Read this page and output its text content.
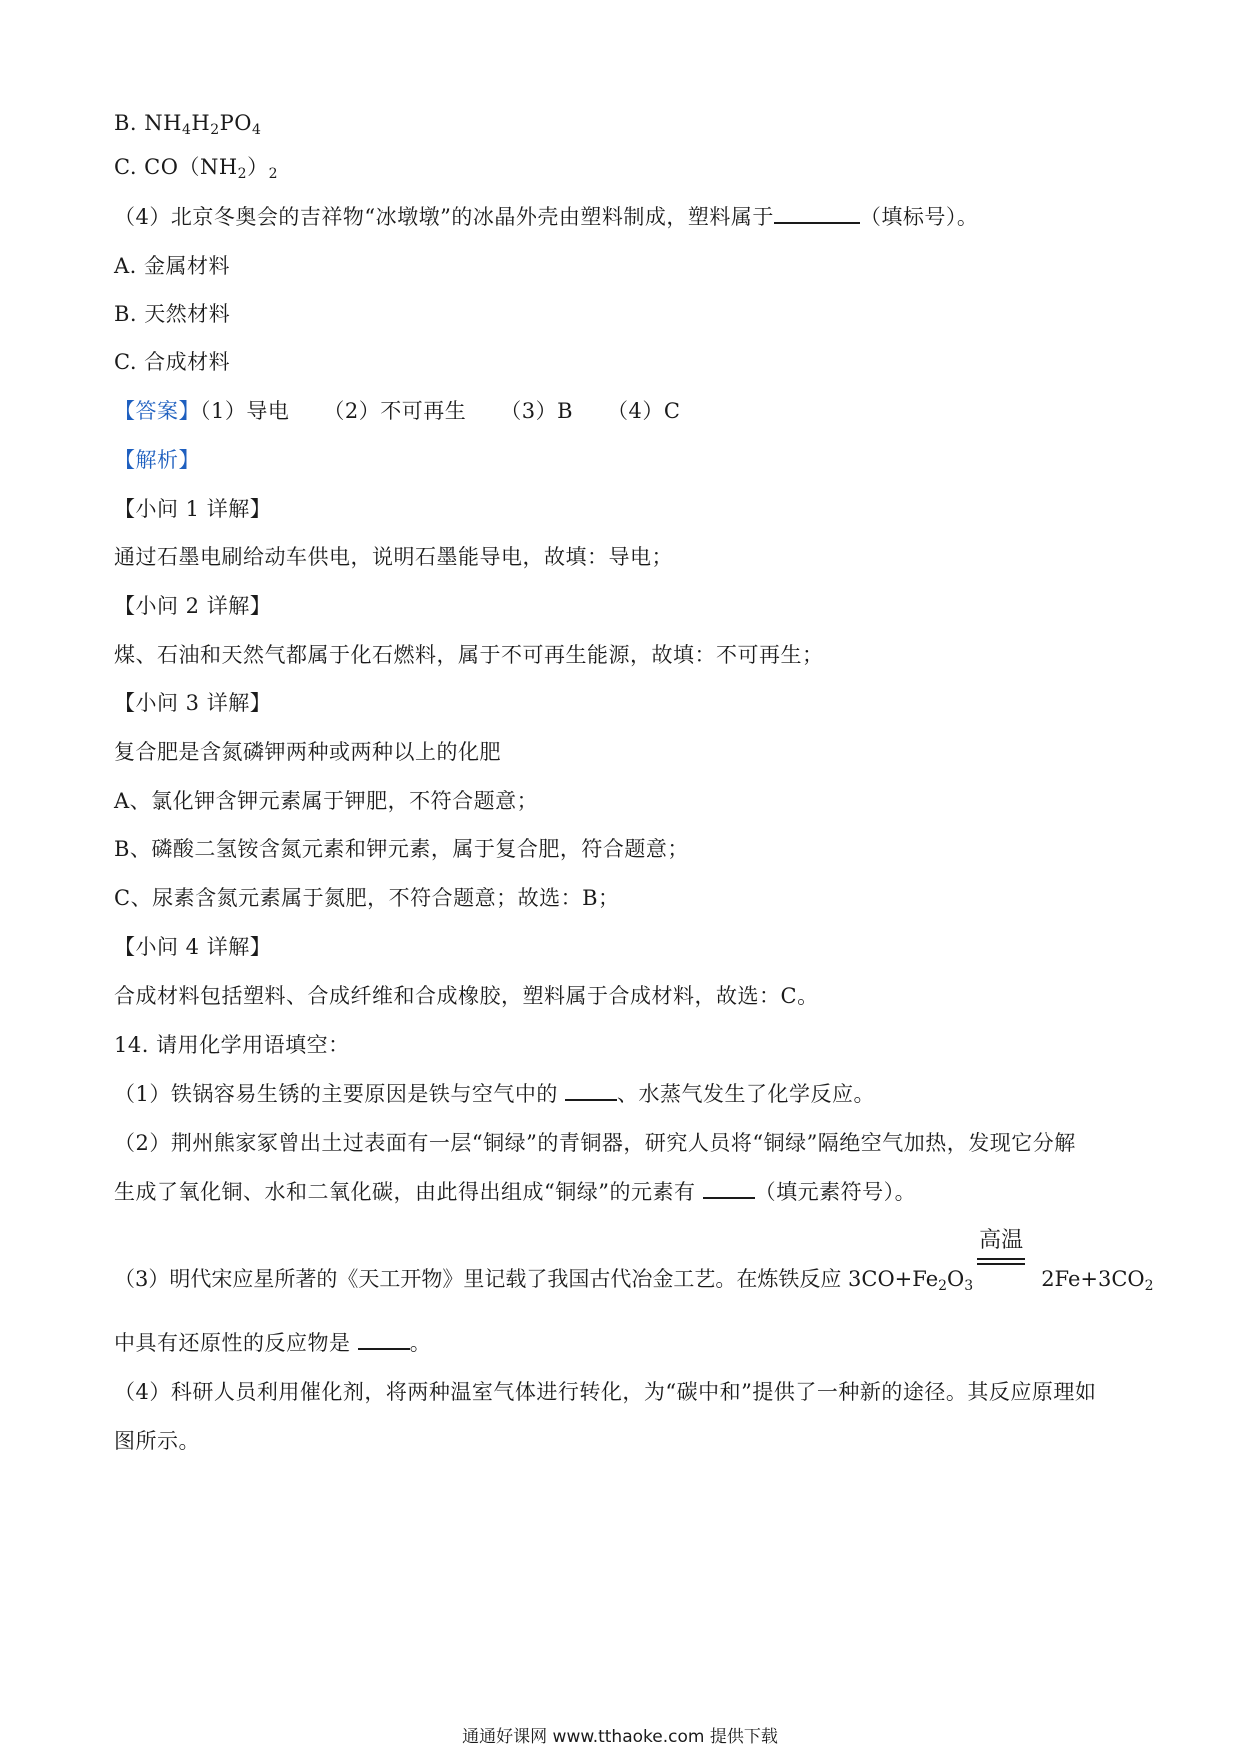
B. $NH_4H_2PO_4$
C. $CO(NH_2)_2$
（4）北京冬奥会的吉祥物“冰墩墩”的冰晶外壳由塑料制成，塑料属于	（填标号）。
A. 金属材料
B. 天然材料
C. 合成材料
【答案】（1）导电 （2）不可再生 （3）B （4）C
【解析】
【小问 1 详解】
通过石墨电刷给动车供电，说明石墨能导电，故填：导电；
【小问 2 详解】
煤、石油和天然气都属于化石燃料，属于不可再生能源，故填：不可再生；
【小问 3 详解】
复合肥是含氮磷钾两种或两种以上的化肥
A、氯化钾含钾元素属于钾肥，不符合题意；
B、磷酸二氢铵含氮元素和钾元素，属于复合肥，符合题意；
C、尿素含氮元素属于氮肥，不符合题意；故选：B；
【小问 4 详解】
合成材料包括塑料、合成纤维和合成橡胶，塑料属于合成材料，故选：C。
14. 请用化学用语填空：
（1）铁锅容易生锈的主要原因是铁与空气中的 、水蒸气发生了化学反应。
（2）荆州熊家冢曾出土过表面有一层“铜绿”的青铜器，研究人员将“铜绿”隔绝空气加热，发现它分解
生成了氧化铜、水和二氧化碳，由此得出组成“铜绿”的元素有 （填元素符号）。
（3）明代宋应星所著的《天工开物》里记载了我国古代冶金工艺。在炼铁反应 $3CO+Fe_2O_3$
高温
$2Fe+3CO_2$
中具有还原性的反应物是 。
（4）科研人员利用催化剂，将两种温室气体进行转化，为“碳中和”提供了一种新的途径。其反应原理如
图所示。
通通好课网 www.tthaoke.com 提供下载
